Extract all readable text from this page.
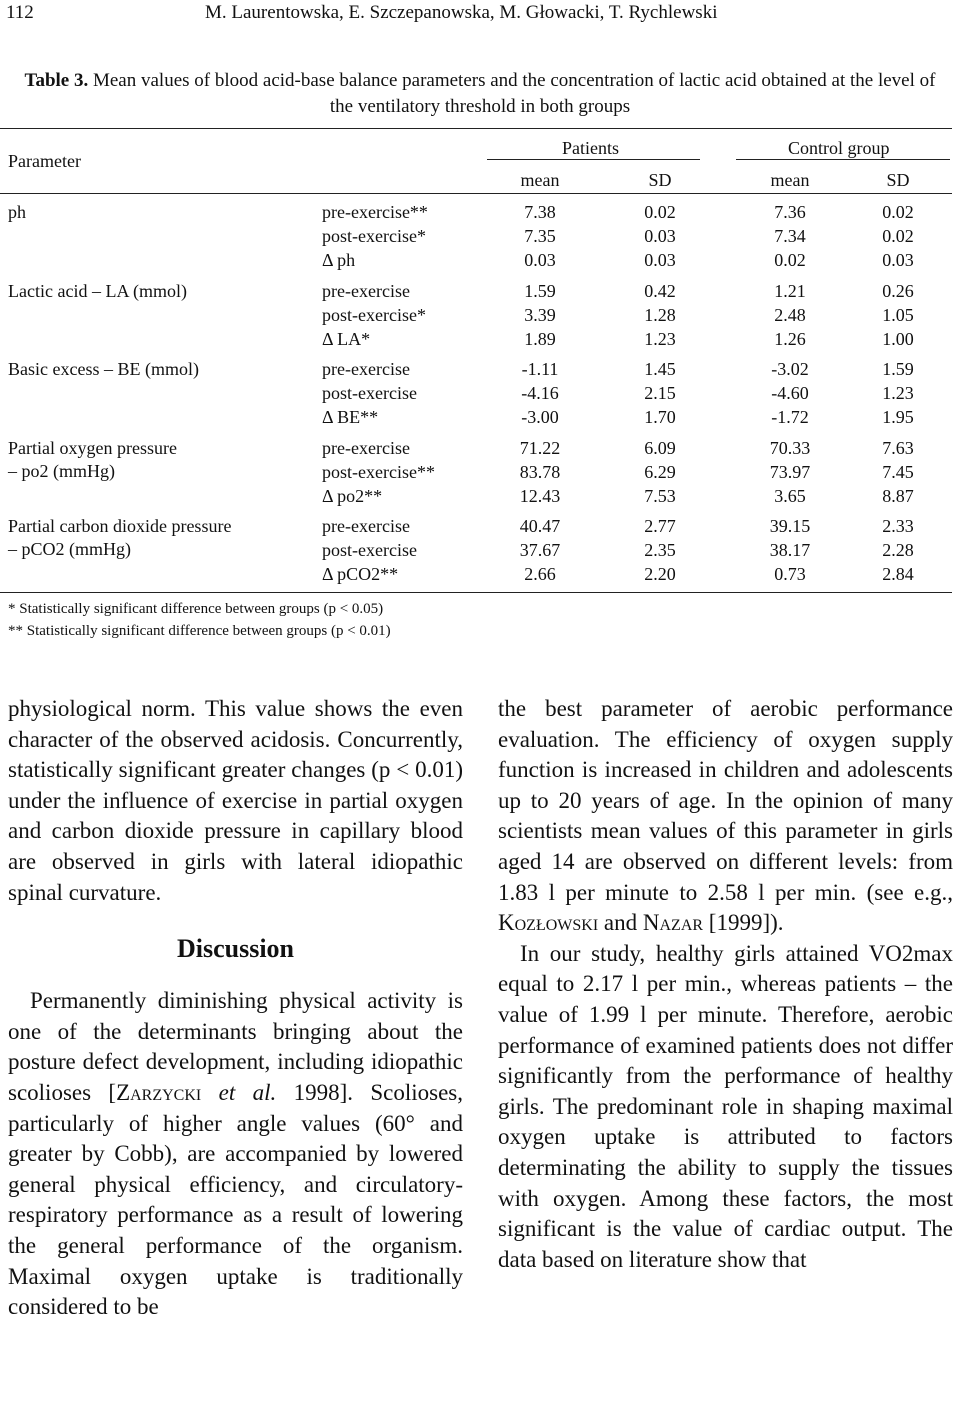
112	M. Laurentowska, E. Szczepanowska, M. Głowacki, T. Rychlewski
Table 3. Mean values of blood acid-base balance parameters and the concentration of lactic acid obtained at the level of the ventilatory threshold in both groups
Parameter
Patients	Control group
mean	SD	mean	SD
ph	pre-exercise**	7.38	0.02	7.36	0.02
post-exercise*	7.35	0.03	7.34	0.02
Δ ph	0.03	0.03	0.02	0.03
Lactic acid – LA (mmol)	pre-exercise	1.59	0.42	1.21	0.26
post-exercise*	3.39	1.28	2.48	1.05
Δ LA*	1.89	1.23	1.26	1.00
Basic excess – BE (mmol)	pre-exercise	-1.11	1.45	-3.02	1.59
post-exercise	-4.16	2.15	-4.60	1.23
Δ BE**	-3.00	1.70	-1.72	1.95
Partial oxygen pressure
– po2 (mmHg)
pre-exercise	71.22	6.09	70.33	7.63
post-exercise**	83.78	6.29	73.97	7.45
Δ po2**	12.43	7.53	3.65	8.87
Partial carbon dioxide pressure
– pCO2 (mmHg)
pre-exercise	40.47	2.77	39.15	2.33
post-exercise	37.67	2.35	38.17	2.28
Δ pCO2**	2.66	2.20	0.73	2.84
* Statistically significant difference between groups (p < 0.05)
** Statistically significant difference between groups (p < 0.01)

physiological norm. This value shows the even character of the observed acidosis. Concurrently, statistically significant greater changes (p < 0.01) under the influence of exercise in partial oxygen and carbon dioxide pressure in capillary blood are observed in girls with lateral idiopathic spinal curvature.

Discussion

Permanently diminishing physical activity is one of the determinants bringing about the posture defect development, including idiopathic scolioses [Zarzycki et al. 1998]. Scolioses, particularly of higher angle values (60° and greater by Cobb), are accompanied by lowered general physical efficiency, and circulatory-respiratory performance as a result of lowering the general performance of the organism. Maximal oxygen uptake is traditionally considered to be

the best parameter of aerobic performance evaluation. The efficiency of oxygen supply function is increased in children and adolescents up to 20 years of age. In the opinion of many scientists mean values of this parameter in girls aged 14 are observed on different levels: from 1.83 l per minute to 2.58 l per min. (see e.g., Kozłowski and Nazar [1999]).

In our study, healthy girls attained VO2max equal to 2.17 l per min., whereas patients – the value of 1.99 l per minute. Therefore, aerobic performance of examined patients does not differ significantly from the performance of healthy girls. The predominant role in shaping maximal oxygen uptake is attributed to factors determinating the ability to supply the tissues with oxygen. Among these factors, the most significant is the value of cardiac output. The data based on literature show that
